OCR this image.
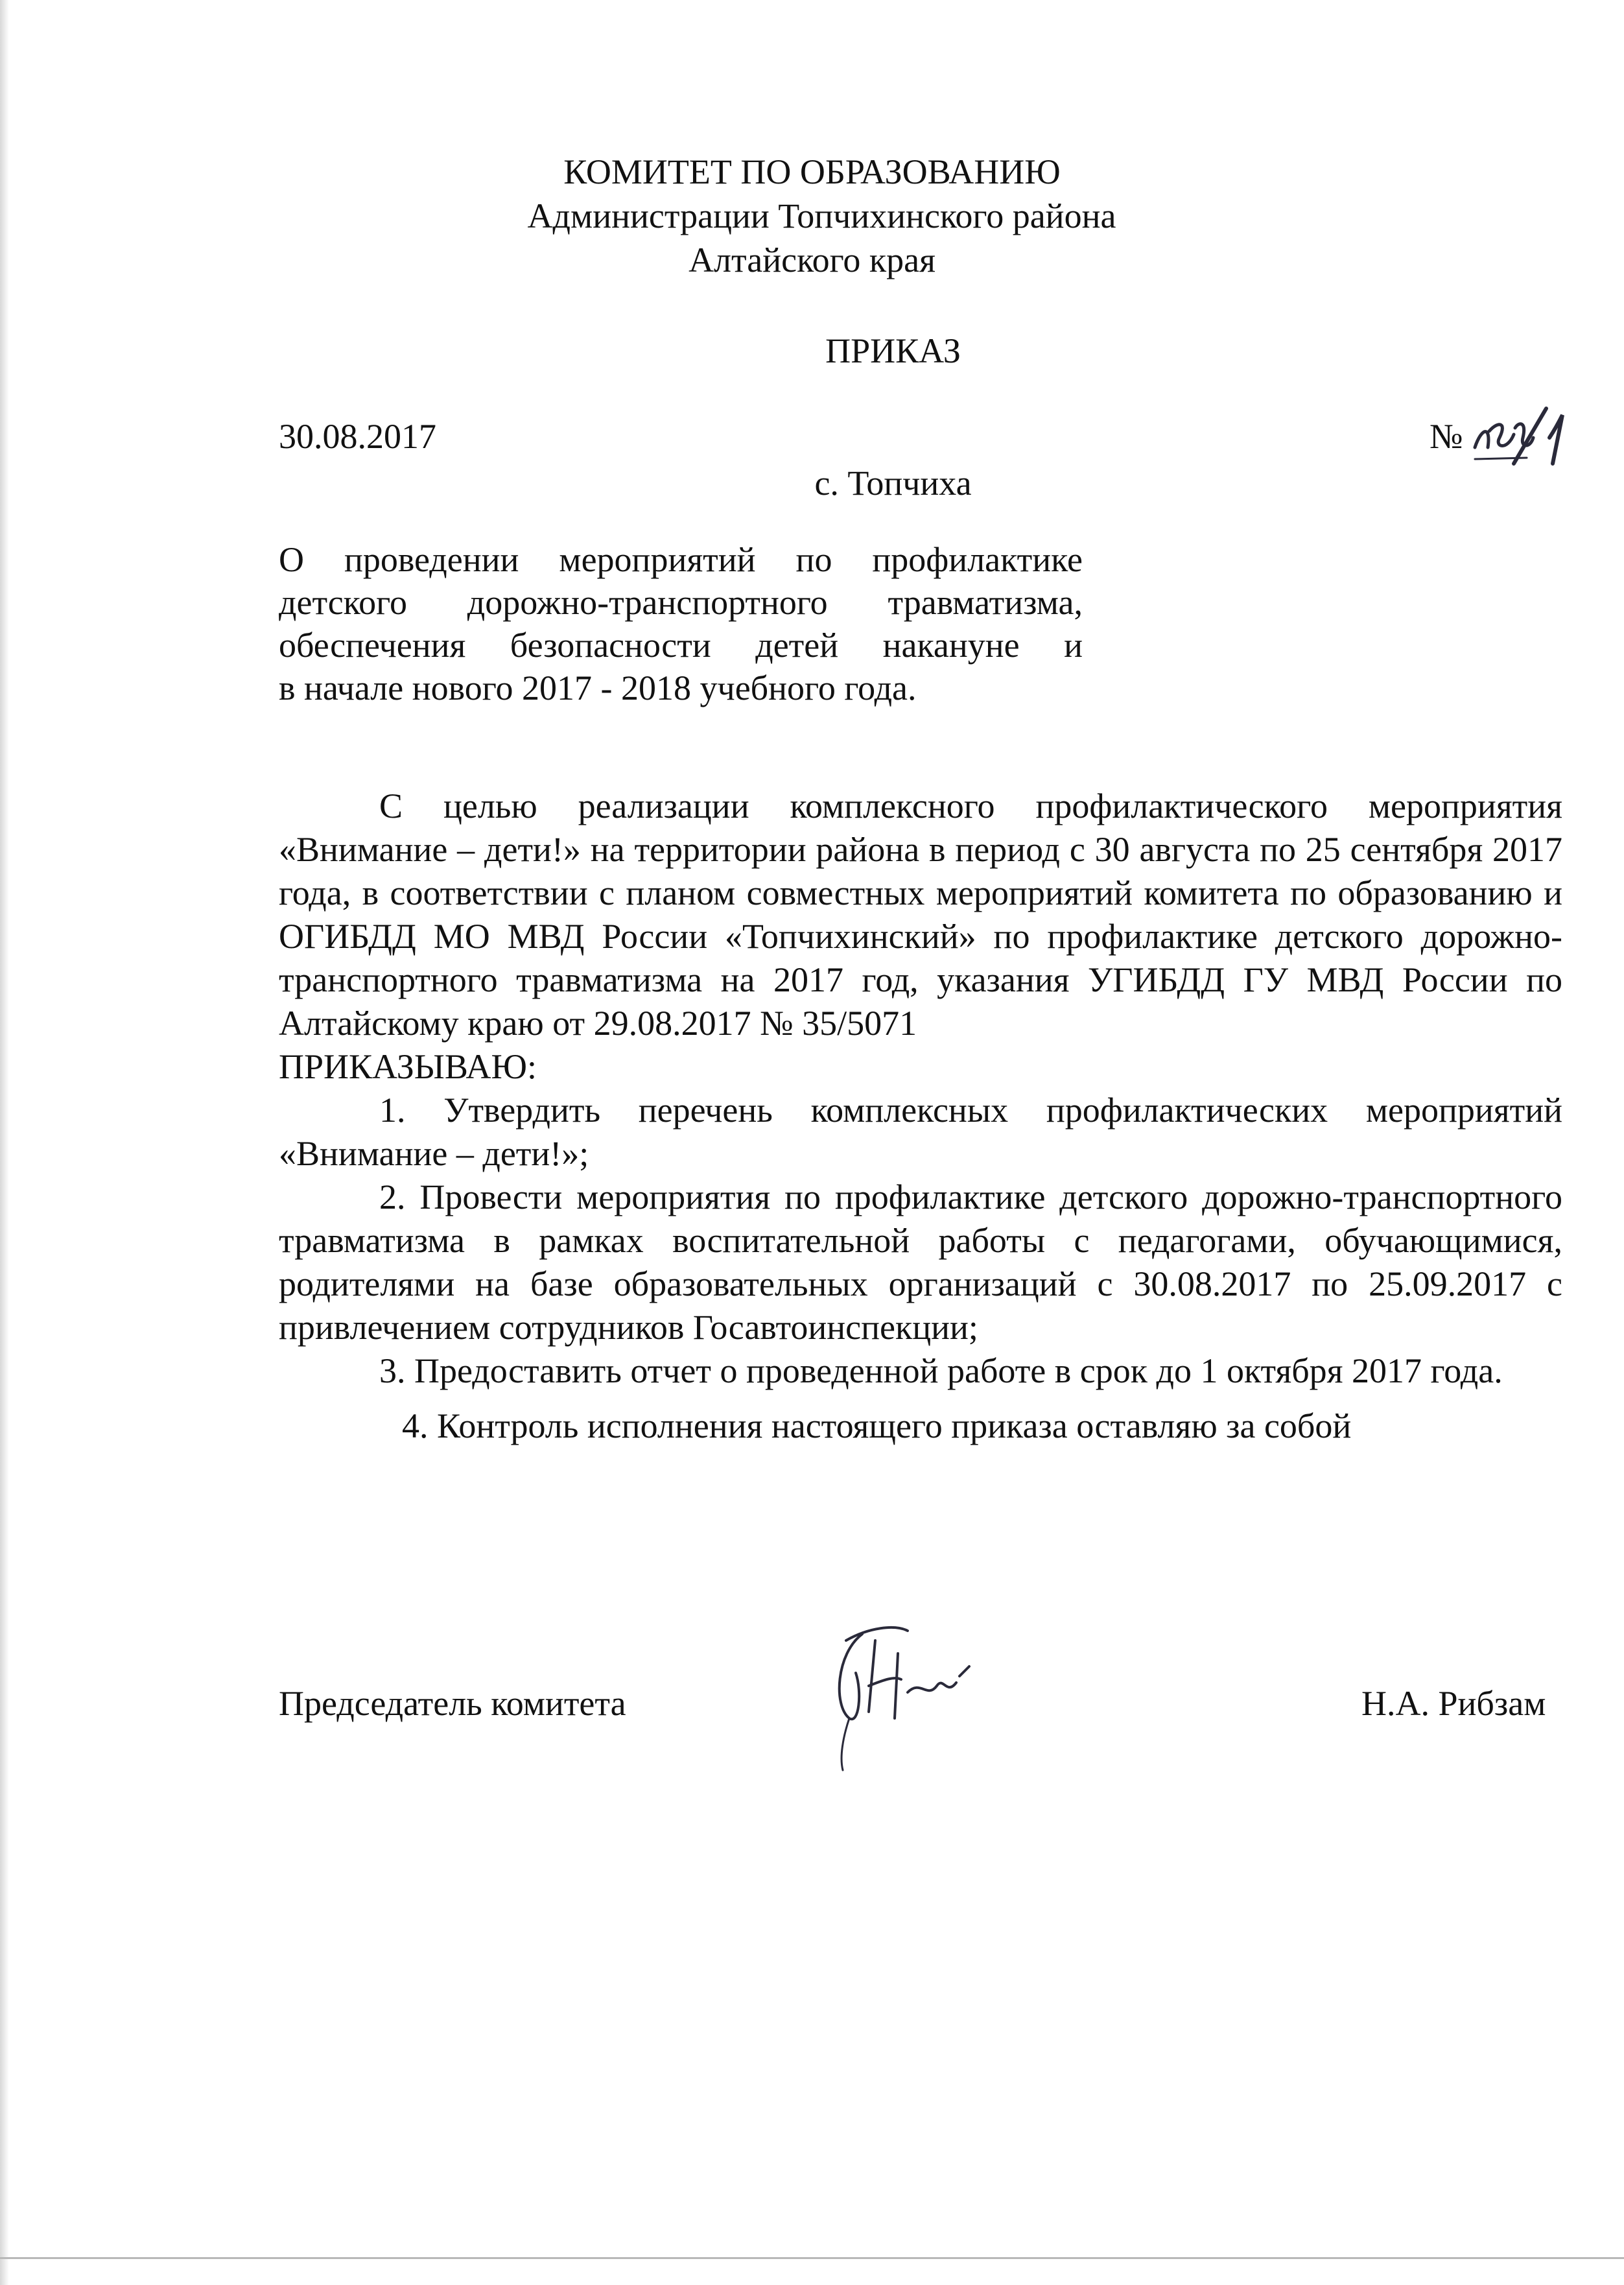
КОМИТЕТ ПО ОБРАЗОВАНИЮ
Администрации Топчихинского района
Алтайского края
ПРИКАЗ
30.08.2017	№
с. Топчиха
О проведении мероприятий по профилактике
детского дорожно-транспортного травматизма,
обеспечения безопасности детей накануне и
в начале нового 2017 - 2018 учебного года.

С целью реализации комплексного профилактического мероприятия «Внимание – дети!» на территории района в период с 30 августа по 25 сентября 2017 года, в соответствии с планом совместных мероприятий комитета по образованию и ОГИБДД МО МВД России «Топчихинский» по профилактике детского дорожно-транспортного травматизма на 2017 год, указания УГИБДД ГУ МВД России по Алтайскому краю от 29.08.2017 № 35/5071

ПРИКАЗЫВАЮ:

1. Утвердить перечень комплексных профилактических мероприятий «Внимание – дети!»;

2. Провести мероприятия по профилактике детского дорожно-транспортного травматизма в рамках воспитательной работы с педагогами, обучающимися, родителями на базе образовательных организаций с 30.08.2017 по 25.09.2017 с привлечением сотрудников Госавтоинспекции;

3. Предоставить отчет о проведенной работе в срок до 1 октября 2017 года.

4. Контроль исполнения настоящего приказа оставляю за собой

Председатель комитета	Н.А. Рибзам
